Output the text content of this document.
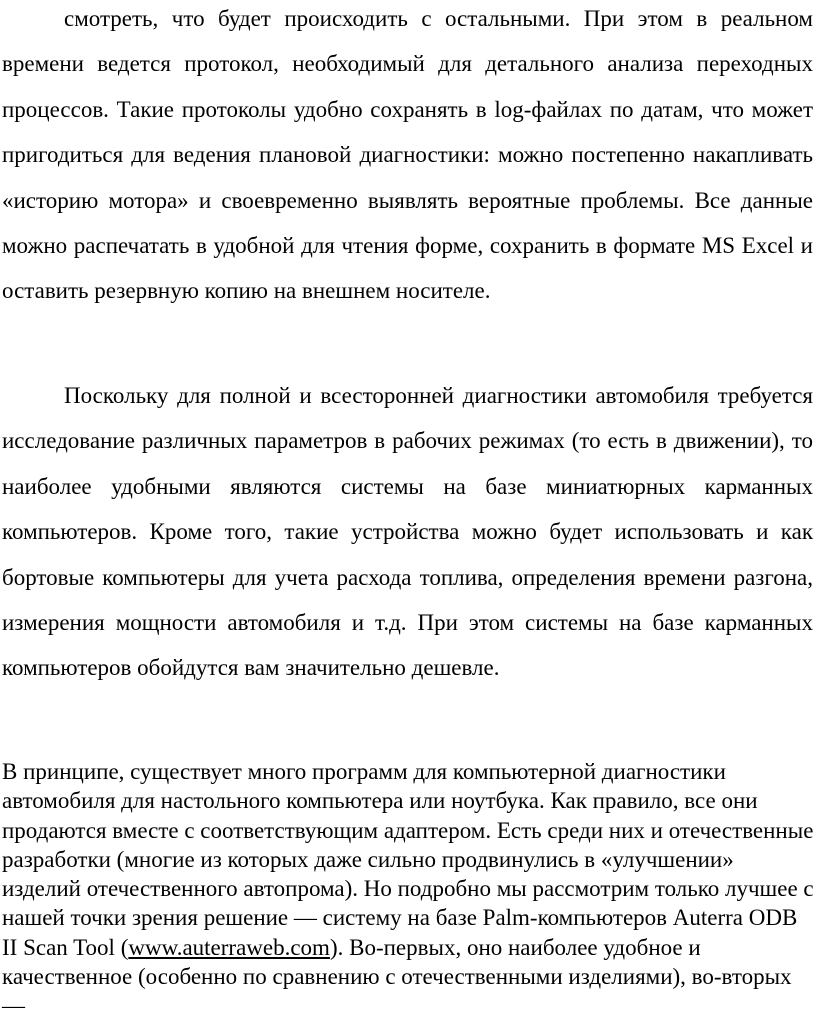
смотреть, что будет происходить с остальными. При этом в реальном времени ведется протокол, необходимый для детального анализа переходных процессов. Такие протоколы удобно сохранять в log-файлах по датам, что может пригодиться для ведения плановой диагностики: можно постепенно накапливать «историю мотора» и своевременно выявлять вероятные проблемы. Все данные можно распечатать в удобной для чтения форме, сохранить в формате MS Excel и оставить резервную копию на внешнем носителе.

Поскольку для полной и всесторонней диагностики автомобиля требуется исследование различных параметров в рабочих режимах (то есть в движении), то наиболее удобными являются системы на базе миниатюрных карманных компьютеров. Кроме того, такие устройства можно будет использовать и как бортовые компьютеры для учета расхода топлива, определения времени разгона, измерения мощности автомобиля и т.д. При этом системы на базе карманных компьютеров обойдутся вам значительно дешевле.

В принципе, существует много программ для компьютерной диагностики автомобиля для настольного компьютера или ноутбука. Как правило, все они продаются вместе с соответствующим адаптером. Есть среди них и отечественные разработки (многие из которых даже сильно продвинулись в «улучшении» изделий отечественного автопрома). Но подробно мы рассмотрим только лучшее с нашей точки зрения решение — систему на базе Palm-компьютеров Auterra ODB II Scan Tool (www.auterraweb.com). Во-первых, оно наиболее удобное и качественное (особенно по сравнению с отечественными изделиями), во-вторых —
